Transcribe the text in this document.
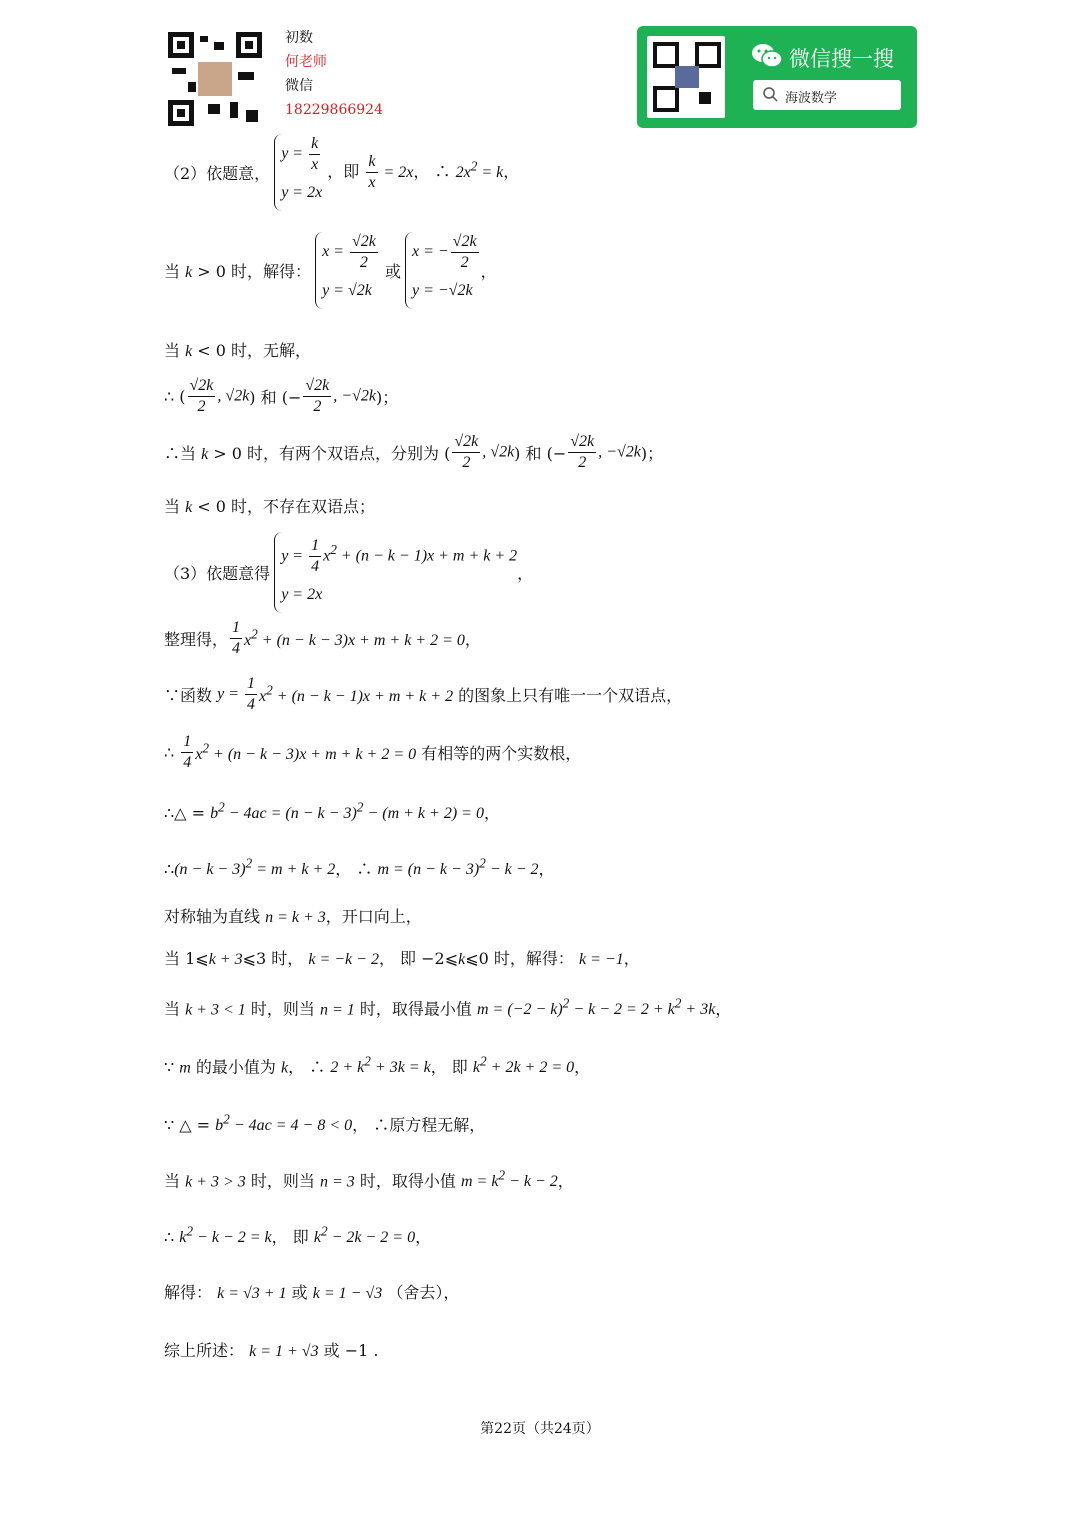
初数
何老师
微信
18229866924
微信搜一搜
海波数学
（2）依题意，
$y = \frac{k}{x}$
y = 2x
，即 $\frac{k}{x} = 2x$， ∴ $2x^2 = k$，
当 k > 0 时，解得：
$x = \frac{√2k}{2}$
y = √2k
或
x = − $\frac{√2k}{2}$
y = −√2k
，
当 k < 0 时，无解，
∴ ( $\frac{√2k}{2}$ , √2k) 和 (− $\frac{√2k}{2}$ , −√2k)；
∴当 k > 0 时，有两个双语点，分别为 ( $\frac{√2k}{2}$ , √2k) 和 (− $\frac{√2k}{2}$ , −√2k)；
当 k < 0 时，不存在双语点；
（3）依题意得
$y = \frac{1}{4} x^2 + (n - k - 1)x + m + k + 2$
y = 2x
，
整理得， $\frac{1}{4} x^2 + (n - k - 3)x + m + k + 2 = 0$，
∵函数 $y = \frac{1}{4} x^2 + (n - k - 1)x + m + k + 2$ 的图象上只有唯一一个双语点，
∴ $\frac{1}{4} x^2 + (n - k - 3)x + m + k + 2 = 0$ 有相等的两个实数根，
∴△ = $b^2 - 4ac = (n - k - 3)^2 - (m + k + 2) = 0$，
∴(n − k − 3)$^2$ = m + k + 2， ∴ $m = (n - k - 3)^2 - k - 2$，
对称轴为直线 n = k + 3，开口向上，
当 1⩽k + 3⩽3 时， k = −k − 2， 即 −2⩽k⩽0 时，解得： k = −1，
当 k + 3 < 1 时，则当 n = 1 时，取得最小值 $m = (-2 - k)^2 - k - 2 = 2 + k^2 + 3k$，
∵ m 的最小值为 k， ∴ $2 + k^2 + 3k = k$， 即 $k^2 + 2k + 2 = 0$，
∵ △ = $b^2 - 4ac = 4 - 8 < 0$， ∴原方程无解，
当 k + 3 > 3 时，则当 n = 3 时，取得小值 $m = k^2 - k - 2$，
∴ $k^2 - k - 2 = k$， 即 $k^2 - 2k - 2 = 0$，
解得： k = √3 + 1 或 k = 1 − √3 （舍去），
综上所述： k = 1 + √3 或 −1 .
第22页（共24页）
